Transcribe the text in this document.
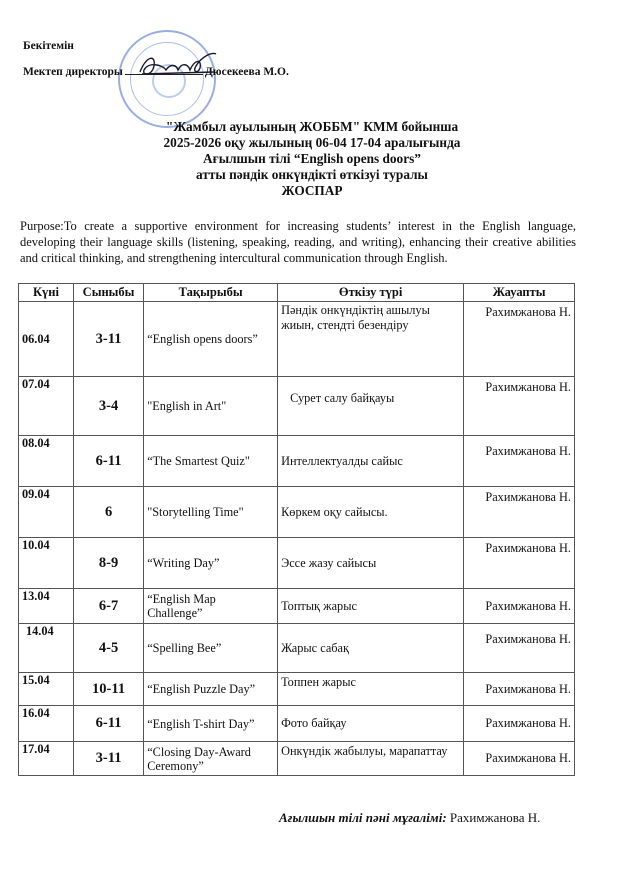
Бекітемін
Мектеп директоры	Дюсекеева М.О.
"Жамбыл ауылының ЖОББМ" КММ бойынша
2025-2026 оқу жылының 06-04 17-04 аралығында
Ағылшын тілі “English opens doors”
атты пәндік онкүндікті өткізуі туралы
ЖОСПАР
Purpose:To create a supportive environment for increasing students’ interest in the English language, developing their language skills (listening, speaking, reading, and writing), enhancing their creative abilities and critical thinking, and strengthening intercultural communication through English.
Күні	Сыныбы	Тақырыбы	Өткізу түрі	Жауапты
06.04	3-11	“English opens doors”	Пәндік онкүндіктің ашылуы жиын, стендті безендіру	Рахимжанова Н.
07.04	3-4	"English in Art"	Сурет салу байқауы	Рахимжанова Н.
08.04	6-11	“The Smartest Quiz"	Интеллектуалды сайыс	Рахимжанова Н.
09.04	6	"Storytelling Time"	Көркем оқу сайысы.	Рахимжанова Н.
10.04	8-9	“Writing Day”	Эссе жазу сайысы	Рахимжанова Н.
13.04	6-7	“English Map Challenge”	Топтық жарыс	Рахимжанова Н.
14.04	4-5	“Spelling Bee”	Жарыс сабақ	Рахимжанова Н.
15.04	10-11	“English Puzzle Day”	Топпен жарыс	Рахимжанова Н.
16.04	6-11	“English T-shirt Day”	Фото байқау	Рахимжанова Н.
17.04	3-11	“Closing Day-Award Ceremony”	Онкүндік жабылуы, марапаттау	Рахимжанова Н.
Ағылшын тілі пәні мұғалімі: Рахимжанова Н.
